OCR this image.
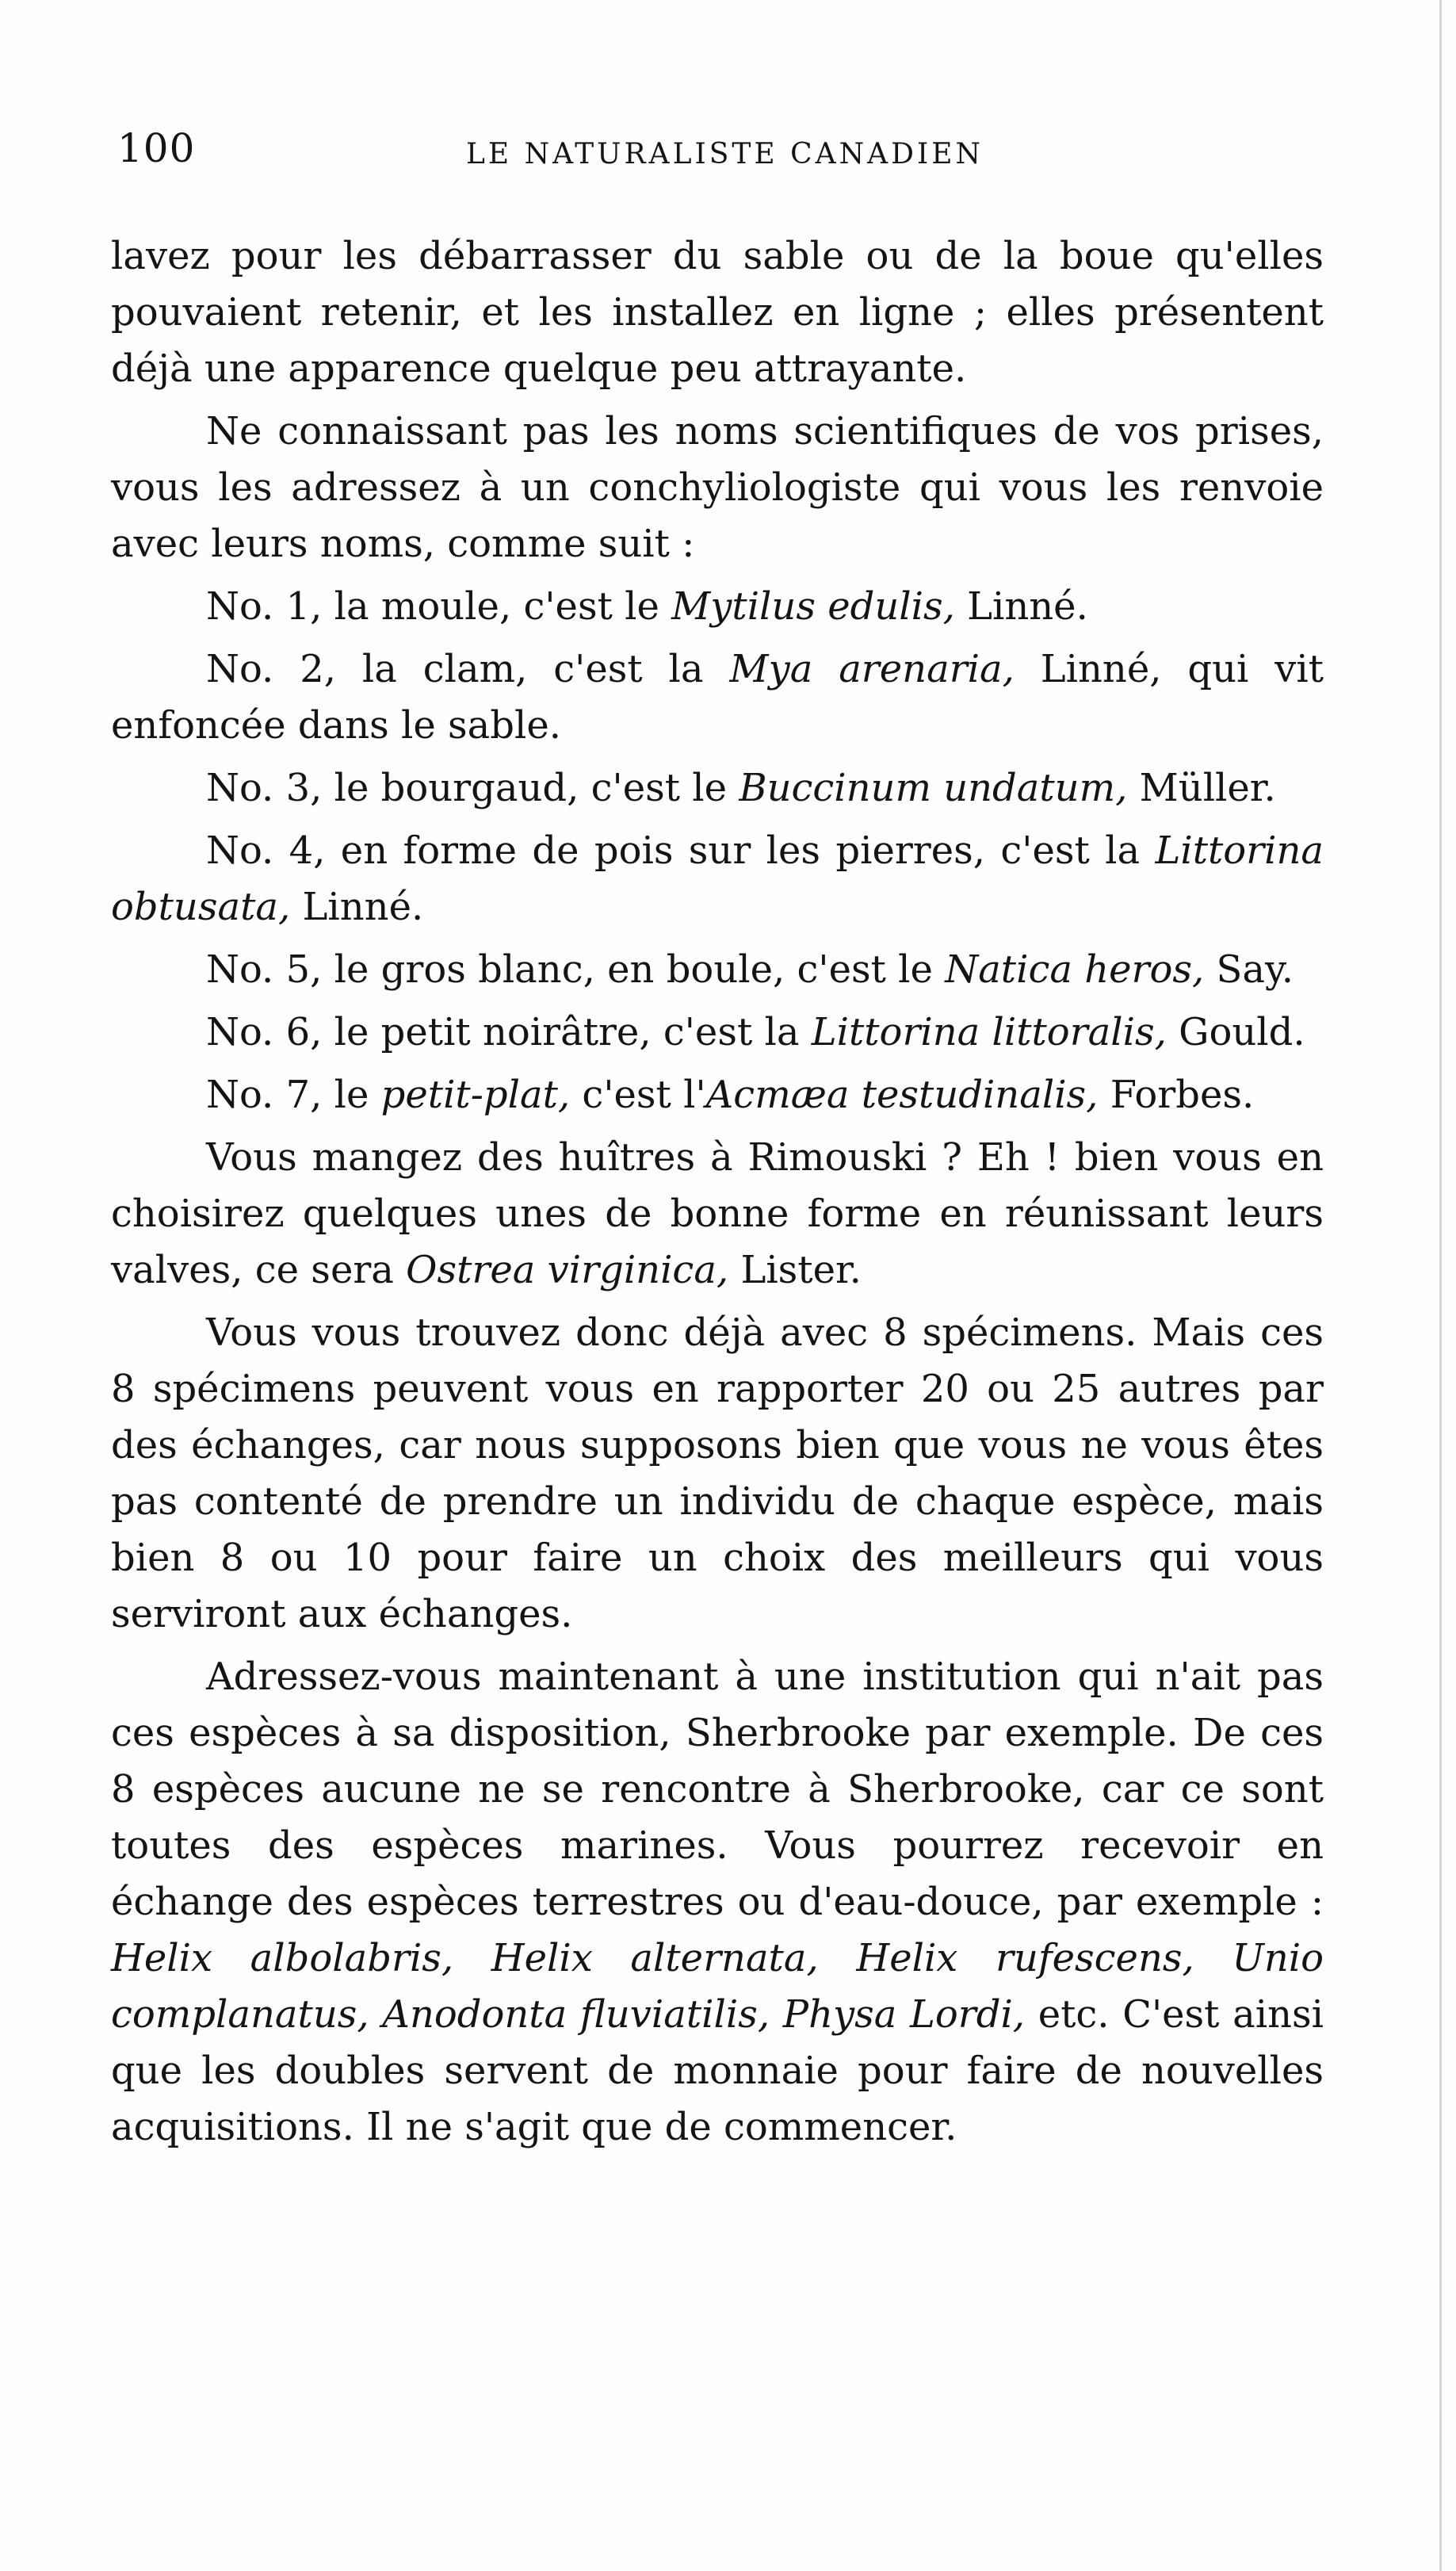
100	LE NATURALISTE CANADIEN

lavez pour les débarrasser du sable ou de la boue qu'elles pouvaient retenir, et les installez en ligne ; elles présentent déjà une apparence quelque peu attrayante.

Ne connaissant pas les noms scientifiques de vos prises, vous les adressez à un conchyliologiste qui vous les renvoie avec leurs noms, comme suit :

No. 1, la moule, c'est le Mytilus edulis, Linné.

No. 2, la clam, c'est la Mya arenaria, Linné, qui vit enfoncée dans le sable.

No. 3, le bourgaud, c'est le Buccinum undatum, Müller.

No. 4, en forme de pois sur les pierres, c'est la Littorina obtusata, Linné.

No. 5, le gros blanc, en boule, c'est le Natica heros, Say.

No. 6, le petit noirâtre, c'est la Littorina littoralis, Gould.

No. 7, le petit-plat, c'est l'Acmæa testudinalis, Forbes.

Vous mangez des huîtres à Rimouski ? Eh ! bien vous en choisirez quelques unes de bonne forme en réunissant leurs valves, ce sera Ostrea virginica, Lister.

Vous vous trouvez donc déjà avec 8 spécimens. Mais ces 8 spécimens peuvent vous en rapporter 20 ou 25 autres par des échanges, car nous supposons bien que vous ne vous êtes pas contenté de prendre un individu de chaque espèce, mais bien 8 ou 10 pour faire un choix des meilleurs qui vous serviront aux échanges.

Adressez-vous maintenant à une institution qui n'ait pas ces espèces à sa disposition, Sherbrooke par exemple. De ces 8 espèces aucune ne se rencontre à Sherbrooke, car ce sont toutes des espèces marines. Vous pourrez recevoir en échange des espèces terrestres ou d'eau-douce, par exemple : Helix albolabris, Helix alternata, Helix rufescens, Unio complanatus, Anodonta fluviatilis, Physa Lordi, etc. C'est ainsi que les doubles servent de monnaie pour faire de nouvelles acquisitions. Il ne s'agit que de commencer.
